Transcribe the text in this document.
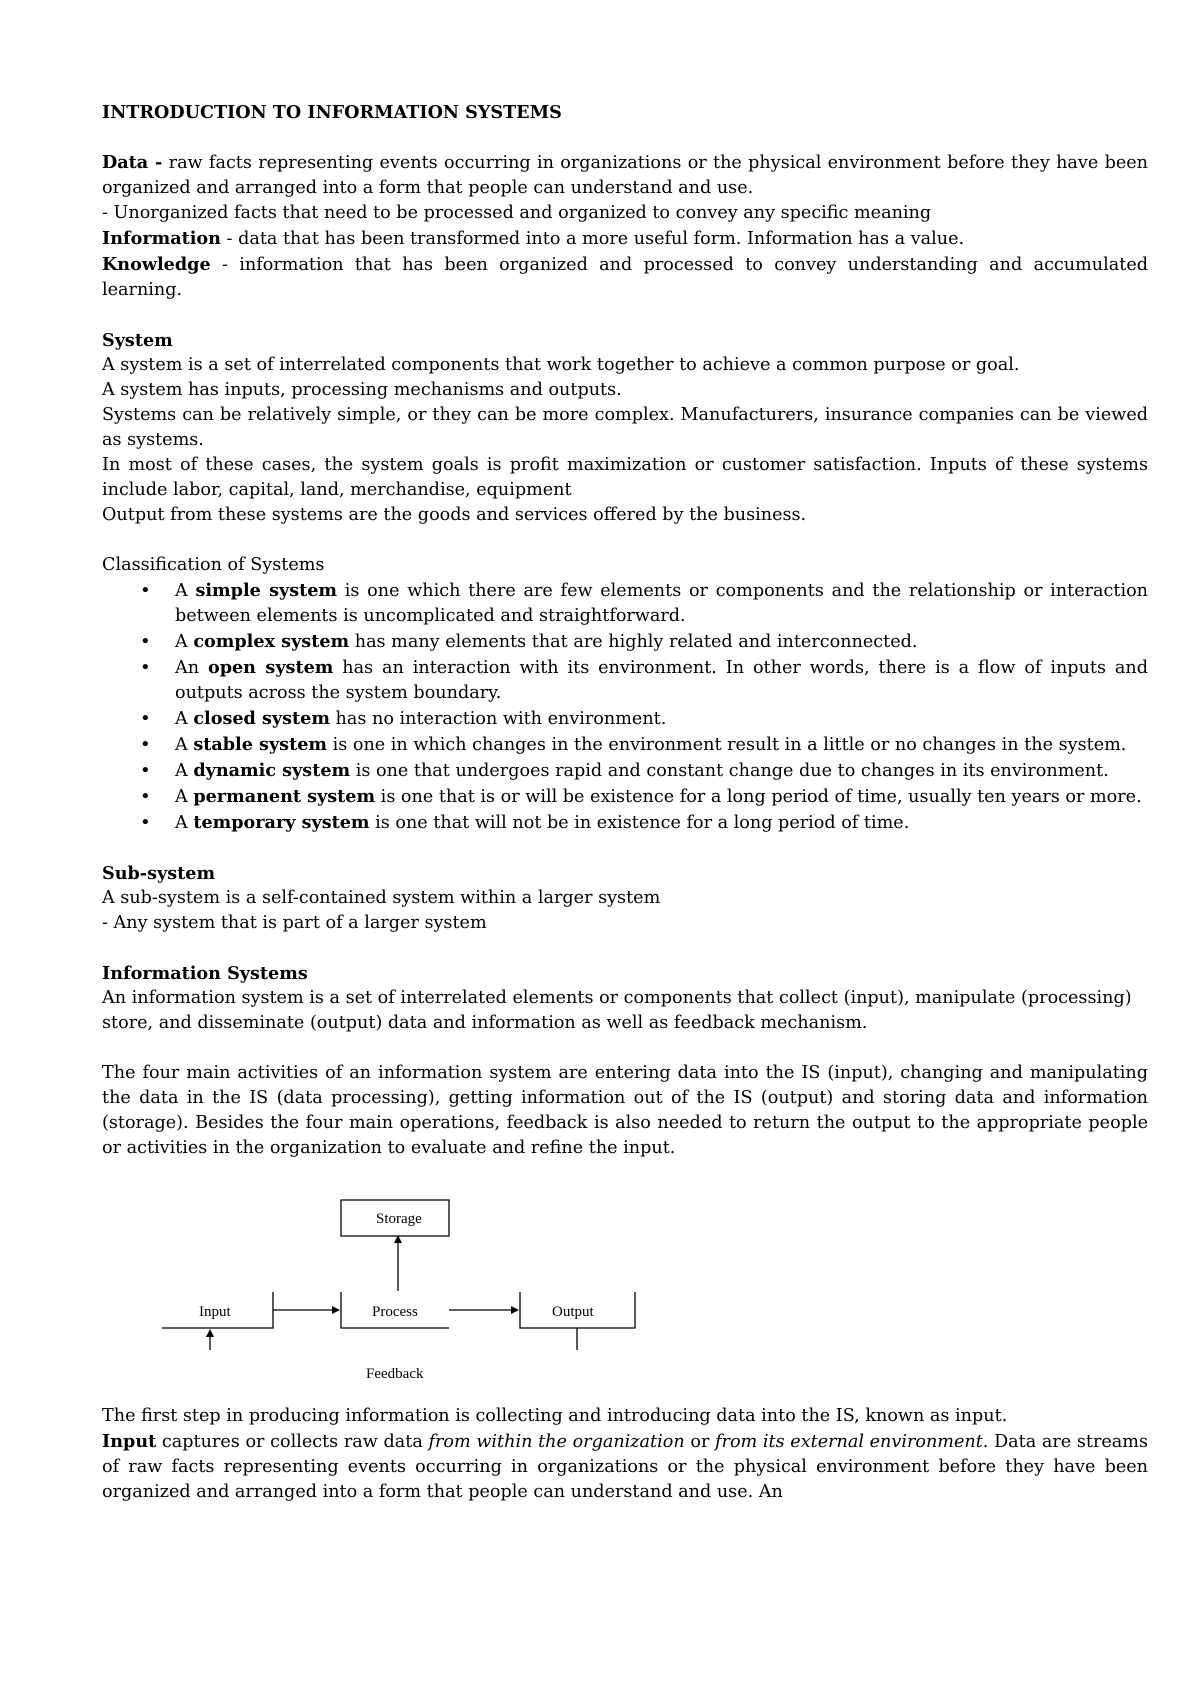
INTRODUCTION TO INFORMATION SYSTEMS

Data - raw facts representing events occurring in organizations or the physical environment before they have been organized and arranged into a form that people can understand and use.

- Unorganized facts that need to be processed and organized to convey any specific meaning

Information - data that has been transformed into a more useful form. Information has a value.

Knowledge - information that has been organized and processed to convey understanding and accumulated learning.

System

A system is a set of interrelated components that work together to achieve a common purpose or goal.

A system has inputs, processing mechanisms and outputs.

Systems can be relatively simple, or they can be more complex. Manufacturers, insurance companies can be viewed as systems.

In most of these cases, the system goals is profit maximization or customer satisfaction. Inputs of these systems include labor, capital, land, merchandise, equipment

Output from these systems are the goods and services offered by the business.

Classification of Systems

• A simple system is one which there are few elements or components and the relationship or interaction between elements is uncomplicated and straightforward.
• A complex system has many elements that are highly related and interconnected.
• An open system has an interaction with its environment. In other words, there is a flow of inputs and outputs across the system boundary.
• A closed system has no interaction with environment.
• A stable system is one in which changes in the environment result in a little or no changes in the system.
• A dynamic system is one that undergoes rapid and constant change due to changes in its environment.
• A permanent system is one that is or will be existence for a long period of time, usually ten years or more.
• A temporary system is one that will not be in existence for a long period of time.

Sub-system

A sub-system is a self-contained system within a larger system

- Any system that is part of a larger system

Information Systems

An information system is a set of interrelated elements or components that collect (input), manipulate (processing) store, and disseminate (output) data and information as well as feedback mechanism.

The four main activities of an information system are entering data into the IS (input), changing and manipulating the data in the IS (data processing), getting information out of the IS (output) and storing data and information (storage). Besides the four main operations, feedback is also needed to return the output to the appropriate people or activities in the organization to evaluate and refine the input.

Storage
Input	Process	Output
Feedback

The first step in producing information is collecting and introducing data into the IS, known as input.

Input captures or collects raw data from within the organization or from its external environment. Data are streams of raw facts representing events occurring in organizations or the physical environment before they have been organized and arranged into a form that people can understand and use. An
